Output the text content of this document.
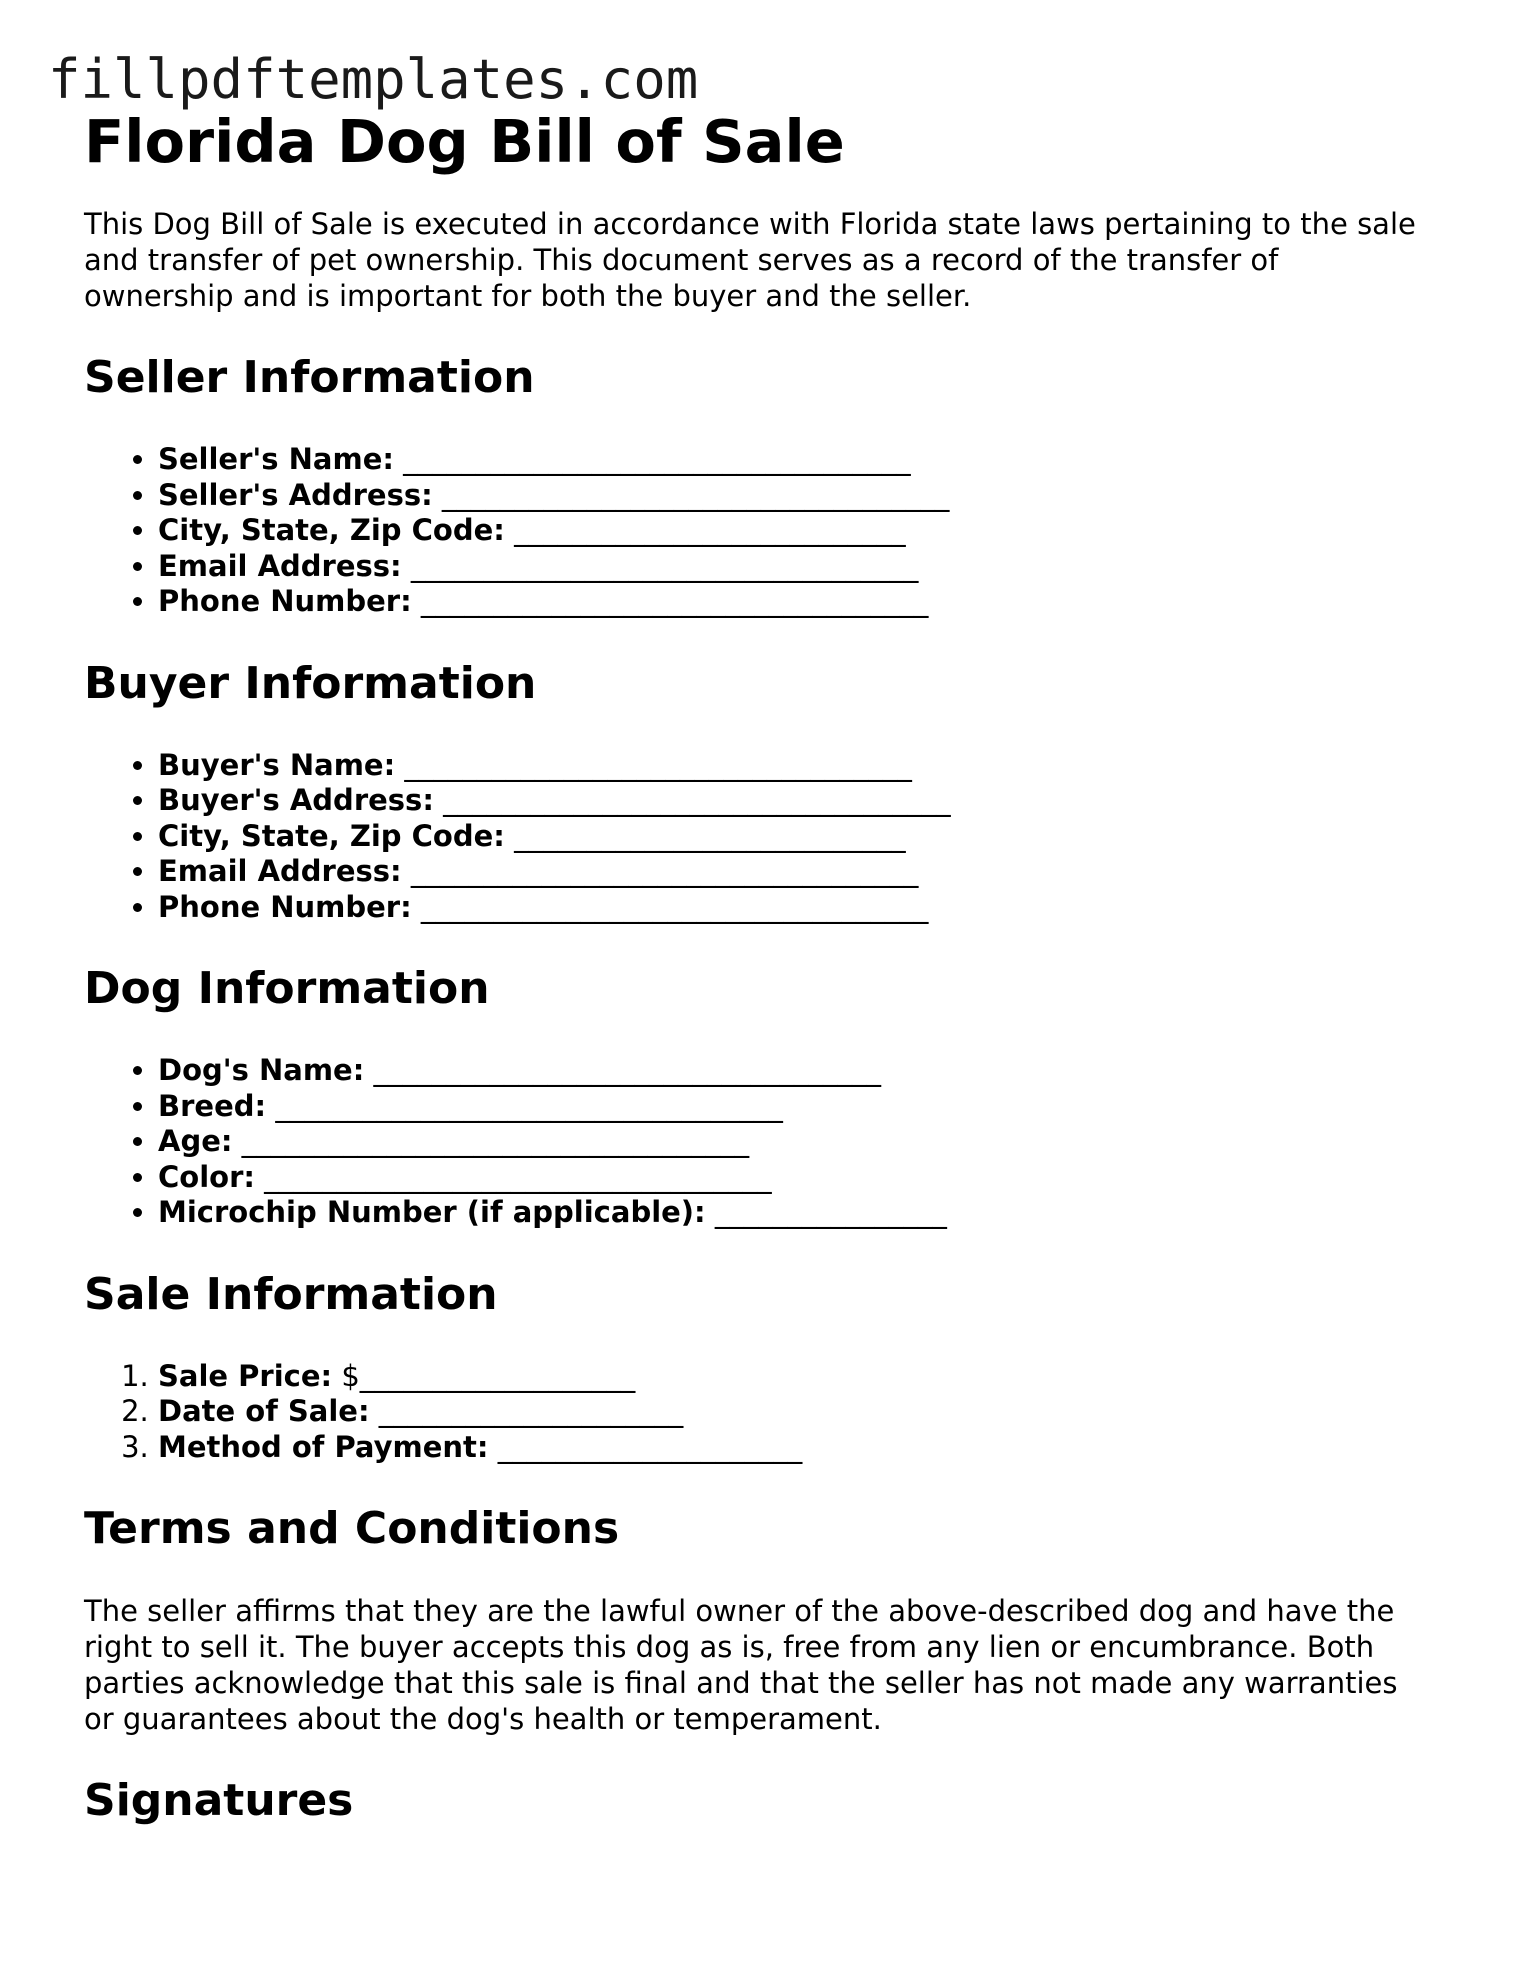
fillpdftemplates.com
Florida Dog Bill of Sale

This Dog Bill of Sale is executed in accordance with Florida state laws pertaining to the sale and transfer of pet ownership. This document serves as a record of the transfer of ownership and is important for both the buyer and the seller.

Seller Information
• Seller's Name: ___________________________________
• Seller's Address: ___________________________________
• City, State, Zip Code: ___________________________
• Email Address: ___________________________________
• Phone Number: ___________________________________
Buyer Information
• Buyer's Name: ___________________________________
• Buyer's Address: ___________________________________
• City, State, Zip Code: ___________________________
• Email Address: ___________________________________
• Phone Number: ___________________________________
Dog Information
• Dog's Name: ___________________________________
• Breed: ___________________________________
• Age: ___________________________________
• Color: ___________________________________
• Microchip Number (if applicable): ________________
Sale Information
1. Sale Price: $___________________
2. Date of Sale: _____________________
3. Method of Payment: _____________________
Terms and Conditions

The seller affirms that they are the lawful owner of the above-described dog and have the right to sell it. The buyer accepts this dog as is, free from any lien or encumbrance. Both parties acknowledge that this sale is final and that the seller has not made any warranties or guarantees about the dog's health or temperament.

Signatures
